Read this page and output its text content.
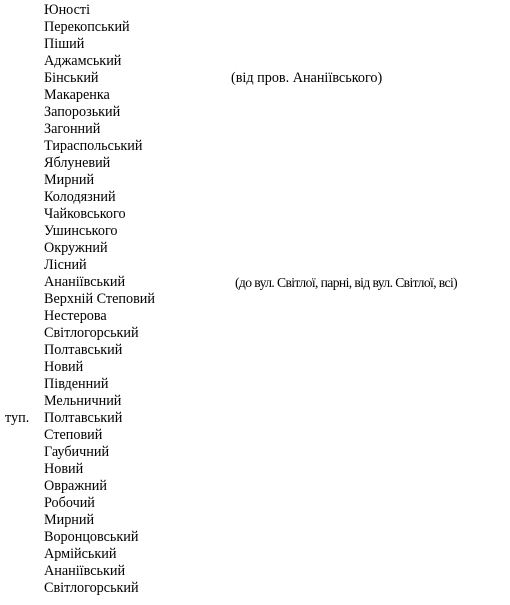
Юності
Перекопський
Піший
Аджамський
Бінський	(від пров. Ананіївського)
Макаренка
Запорозький
Загонний
Тираспольський
Яблуневий
Мирний
Колодязний
Чайковського
Ушинського
Окружний
Лісний
Ананіївський	(до вул. Світлої, парні, від вул. Світлої, всі)
Верхній Степовий
Нестерова
Світлогорський
Полтавський
Новий
Південний
Мельничний
туп. Полтавський
Степовий
Гаубичний
Новий
Овражний
Робочий
Мирний
Воронцовський
Армійський
Ананіївський
Світлогорський
